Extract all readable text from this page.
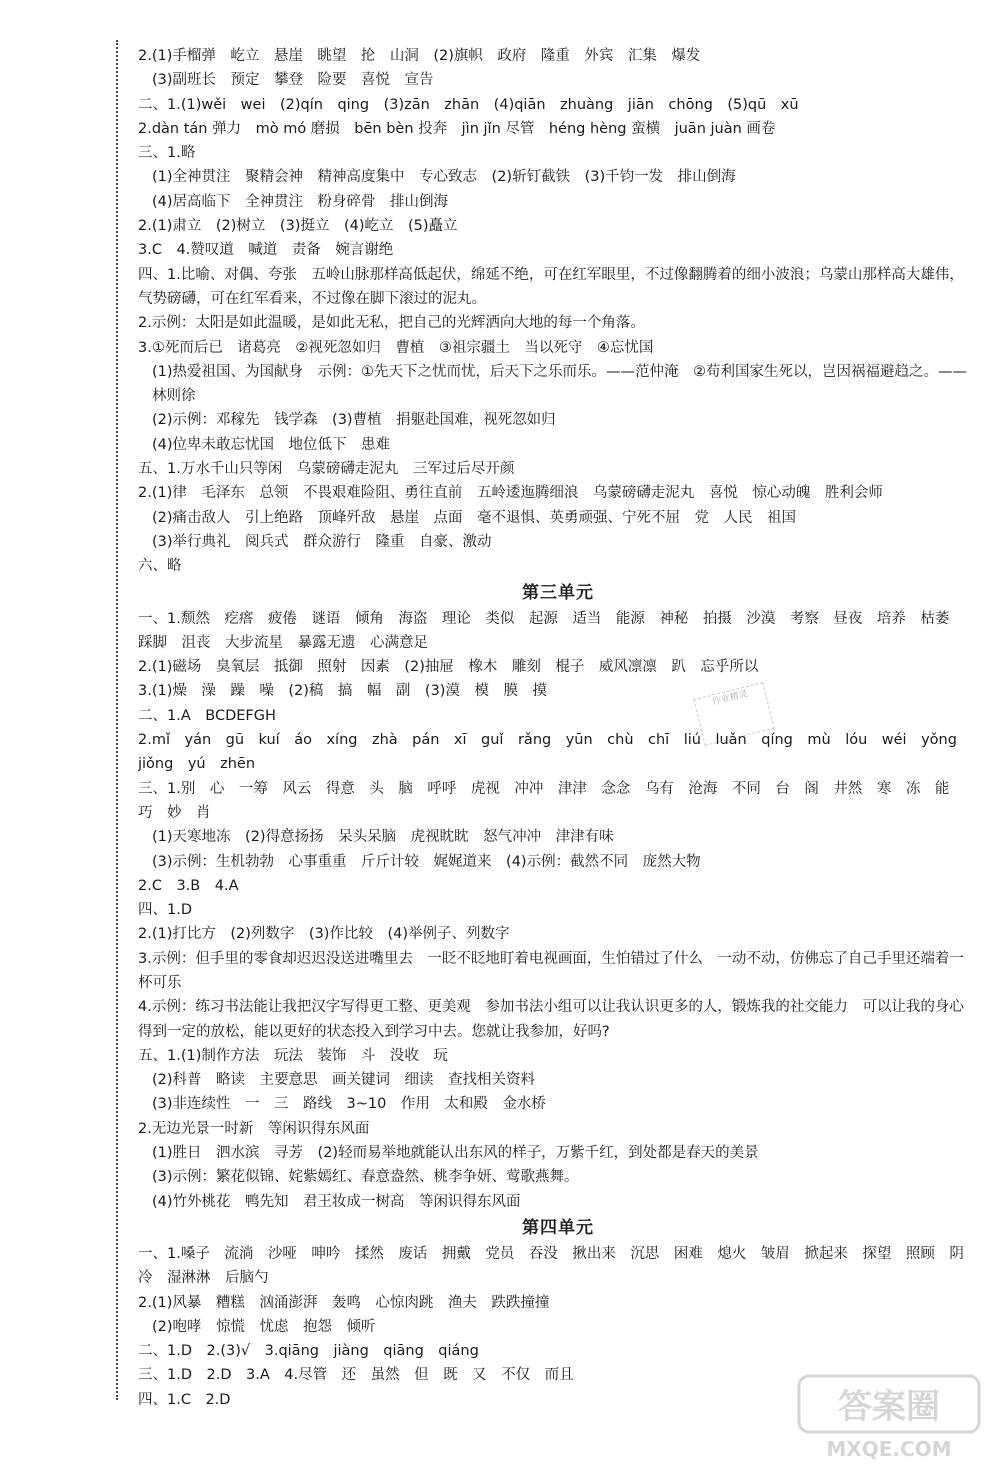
2.(1)手榴弹　屹立　悬崖　眺望　抡　山洞　(2)旗帜　政府　隆重　外宾　汇集　爆发
(3)副班长　预定　攀登　险要　喜悦　宣告
二、1.(1)wěi　wei　(2)qín　qing　(3)zān　zhān　(4)qiān　zhuàng　jiān　chōng　(5)qū　xū
2.dàn tán 弹力　mò mó 磨损　bēn bèn 投奔　jìn jǐn 尽管　héng hèng 蛮横　juān juàn 画卷
三、1.略
(1)全神贯注　聚精会神　精神高度集中　专心致志　(2)斩钉截铁　(3)千钧一发　排山倒海
(4)居高临下　全神贯注　粉身碎骨　排山倒海
2.(1)肃立　(2)树立　(3)挺立　(4)屹立　(5)矗立
3.C　4.赞叹道　喊道　责备　婉言谢绝
四、1.比喻、对偶、夸张　五岭山脉那样高低起伏，绵延不绝，可在红军眼里，不过像翻腾着的细小波浪；乌蒙山那样高大雄伟，气势磅礴，可在红军看来，不过像在脚下滚过的泥丸。
2.示例：太阳是如此温暖，是如此无私，把自己的光辉洒向大地的每一个角落。
3.①死而后已　诸葛亮　②视死忽如归　曹植　③祖宗疆土　当以死守　④忘忧国
(1)热爱祖国、为国献身　示例：①先天下之忧而忧，后天下之乐而乐。——范仲淹　②苟利国家生死以，岂因祸福避趋之。——林则徐
(2)示例：邓稼先　钱学森　(3)曹植　捐躯赴国难，视死忽如归
(4)位卑未敢忘忧国　地位低下　患难
五、1.万水千山只等闲　乌蒙磅礴走泥丸　三军过后尽开颜
2.(1)律　毛泽东　总领　不畏艰难险阻、勇往直前　五岭逶迤腾细浪　乌蒙磅礴走泥丸　喜悦　惊心动魄　胜利会师
(2)痛击敌人　引上绝路　顶峰歼敌　悬崖　点面　毫不退惧、英勇顽强、宁死不屈　党　人民　祖国
(3)举行典礼　阅兵式　群众游行　隆重　自豪、激动
六、略
第三单元
一、1.颓然　疙瘩　疲倦　谜语　倾角　海盗　理论　类似　起源　适当　能源　神秘　拍摄　沙漠　考察　昼夜　培养　枯萎　踩脚　沮丧　大步流星　暴露无遗　心满意足
2.(1)磁场　臭氧层　抵御　照射　因素　(2)抽屉　橡木　雕刻　棍子　威风凛凛　趴　忘乎所以
3.(1)燥　澡　躁　噪　(2)稿　搞　幅　副　(3)漠　模　膜　摸
二、1.A　BCDEFGH
2.mǐ　yán　gū　kuí　áo　xíng　zhà　pán　xī　guǐ　rǎng　yūn　chù　chī　liú　luǎn　qíng　mù　lóu　wéi　yǒng　jiǒng　yú　zhēn
三、1.别　心　一筹　风云　得意　头　脑　呼呼　虎视　冲冲　津津　念念　乌有　沧海　不同　台　阁　井然　寒　冻　能　巧　妙　肖
(1)天寒地冻　(2)得意扬扬　呆头呆脑　虎视眈眈　怒气冲冲　津津有味
(3)示例：生机勃勃　心事重重　斤斤计较　娓娓道来　(4)示例：截然不同　庞然大物
2.C　3.B　4.A
四、1.D
2.(1)打比方　(2)列数字　(3)作比较　(4)举例子、列数字
3.示例：但手里的零食却迟迟没送进嘴里去　一眨不眨地盯着电视画面，生怕错过了什么　一动不动，仿佛忘了自己手里还端着一杯可乐
4.示例：练习书法能让我把汉字写得更工整、更美观　参加书法小组可以让我认识更多的人，锻炼我的社交能力　可以让我的身心得到一定的放松，能以更好的状态投入到学习中去。您就让我参加，好吗?
五、1.(1)制作方法　玩法　装饰　斗　没收　玩
(2)科普　略读　主要意思　画关键词　细读　查找相关资料
(3)非连续性　一　三　路线　3~10　作用　太和殿　金水桥
2.无边光景一时新　等闲识得东风面
(1)胜日　泗水滨　寻芳　(2)轻而易举地就能认出东风的样子，万紫千红，到处都是春天的美景
(3)示例：繁花似锦、姹紫嫣红、春意盎然、桃李争妍、莺歌燕舞。
(4)竹外桃花　鸭先知　君王妆成一树高　等闲识得东风面
第四单元
一、1.嗓子　流淌　沙哑　呻吟　揉然　废话　拥戴　党员　吞没　揪出来　沉思　困难　熄火　皱眉　掀起来　探望　照顾　阴冷　湿淋淋　后脑勺
2.(1)风暴　糟糕　汹涌澎湃　轰鸣　心惊肉跳　渔夫　跌跌撞撞
(2)咆哮　惊慌　忧虑　抱怨　倾听
二、1.D　2.(3)√　3.qiāng　jiàng　qiāng　qiáng
三、1.D　2.D　3.A　4.尽管　还　虽然　但　既　又　不仅　而且
四、1.C　2.D
作业精灵
答案圈
MXQE.COM
